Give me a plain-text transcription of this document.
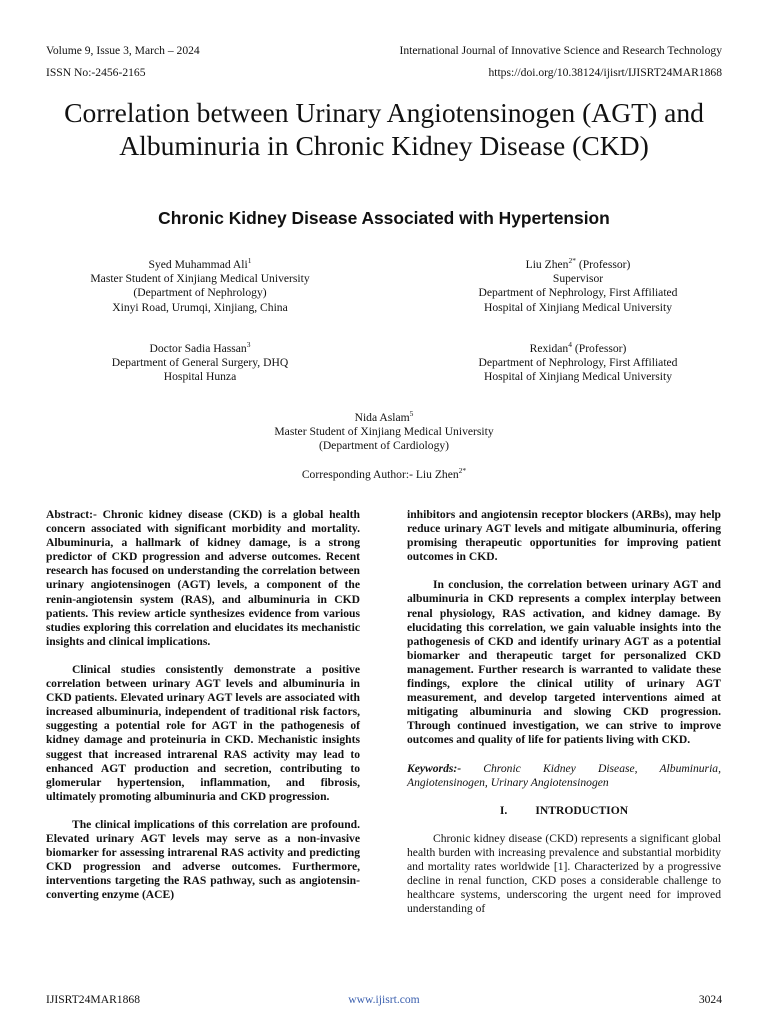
Volume 9, Issue 3, March – 2024
ISSN No:-2456-2165
International Journal of Innovative Science and Research Technology
https://doi.org/10.38124/ijisrt/IJISRT24MAR1868
Correlation between Urinary Angiotensinogen (AGT) and Albuminuria in Chronic Kidney Disease (CKD)
Chronic Kidney Disease Associated with Hypertension
Syed Muhammad Ali$^1$
Master Student of Xinjiang Medical University
(Department of Nephrology)
Xinyi Road, Urumqi, Xinjiang, China
Liu Zhen$^{2*}$ (Professor)
Supervisor
Department of Nephrology, First Affiliated
Hospital of Xinjiang Medical University
Doctor Sadia Hassan$^3$
Department of General Surgery, DHQ
Hospital Hunza
Rexidan$^4$ (Professor)
Department of Nephrology, First Affiliated
Hospital of Xinjiang Medical University
Nida Aslam$^5$
Master Student of Xinjiang Medical University
(Department of Cardiology)
Corresponding Author:- Liu Zhen$^{2*}$

Abstract:- Chronic kidney disease (CKD) is a global health concern associated with significant morbidity and mortality. Albuminuria, a hallmark of kidney damage, is a strong predictor of CKD progression and adverse outcomes. Recent research has focused on understanding the correlation between urinary angiotensinogen (AGT) levels, a component of the renin-angiotensin system (RAS), and albuminuria in CKD patients. This review article synthesizes evidence from various studies exploring this correlation and elucidates its mechanistic insights and clinical implications.

Clinical studies consistently demonstrate a positive correlation between urinary AGT levels and albuminuria in CKD patients. Elevated urinary AGT levels are associated with increased albuminuria, independent of traditional risk factors, suggesting a potential role for AGT in the pathogenesis of kidney damage and proteinuria in CKD. Mechanistic insights suggest that increased intrarenal RAS activity may lead to enhanced AGT production and secretion, contributing to glomerular hypertension, inflammation, and fibrosis, ultimately promoting albuminuria and CKD progression.

The clinical implications of this correlation are profound. Elevated urinary AGT levels may serve as a non-invasive biomarker for assessing intrarenal RAS activity and predicting CKD progression and adverse outcomes. Furthermore, interventions targeting the RAS pathway, such as angiotensin-converting enzyme (ACE)

inhibitors and angiotensin receptor blockers (ARBs), may help reduce urinary AGT levels and mitigate albuminuria, offering promising therapeutic opportunities for improving patient outcomes in CKD.

In conclusion, the correlation between urinary AGT and albuminuria in CKD represents a complex interplay between renal physiology, RAS activation, and kidney damage. By elucidating this correlation, we gain valuable insights into the pathogenesis of CKD and identify urinary AGT as a potential biomarker and therapeutic target for personalized CKD management. Further research is warranted to validate these findings, explore the clinical utility of urinary AGT measurement, and develop targeted interventions aimed at mitigating albuminuria and slowing CKD progression. Through continued investigation, we can strive to improve outcomes and quality of life for patients living with CKD.

Keywords:- Chronic Kidney Disease, Albuminuria, Angiotensinogen, Urinary Angiotensinogen

I. INTRODUCTION

Chronic kidney disease (CKD) represents a significant global health burden with increasing prevalence and substantial morbidity and mortality rates worldwide [1]. Characterized by a progressive decline in renal function, CKD poses a considerable challenge to healthcare systems, underscoring the urgent need for improved understanding of

IJISRT24MAR1868	www.ijisrt.com	3024
